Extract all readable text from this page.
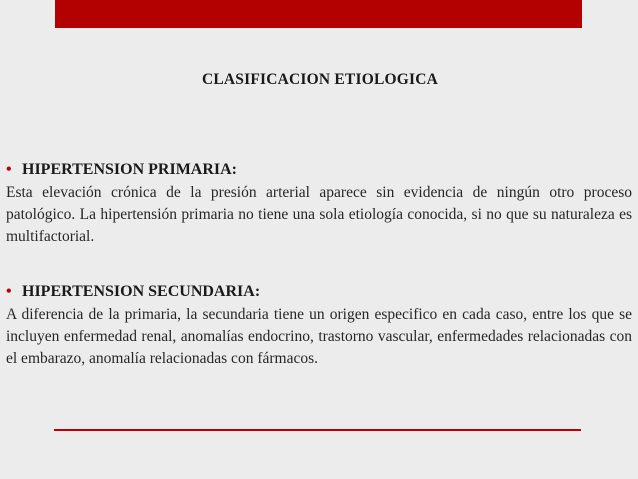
CLASIFICACION ETIOLOGICA
• HIPERTENSION PRIMARIA:

Esta elevación crónica de la presión arterial aparece sin evidencia de ningún otro proceso patológico. La hipertensión primaria no tiene una sola etiología conocida, si no que su naturaleza es multifactorial.

• HIPERTENSION SECUNDARIA:

A diferencia de la primaria, la secundaria tiene un origen especifico en cada caso, entre los que se incluyen enfermedad renal, anomalías endocrino, trastorno vascular, enfermedades relacionadas con el embarazo, anomalía relacionadas con fármacos.
